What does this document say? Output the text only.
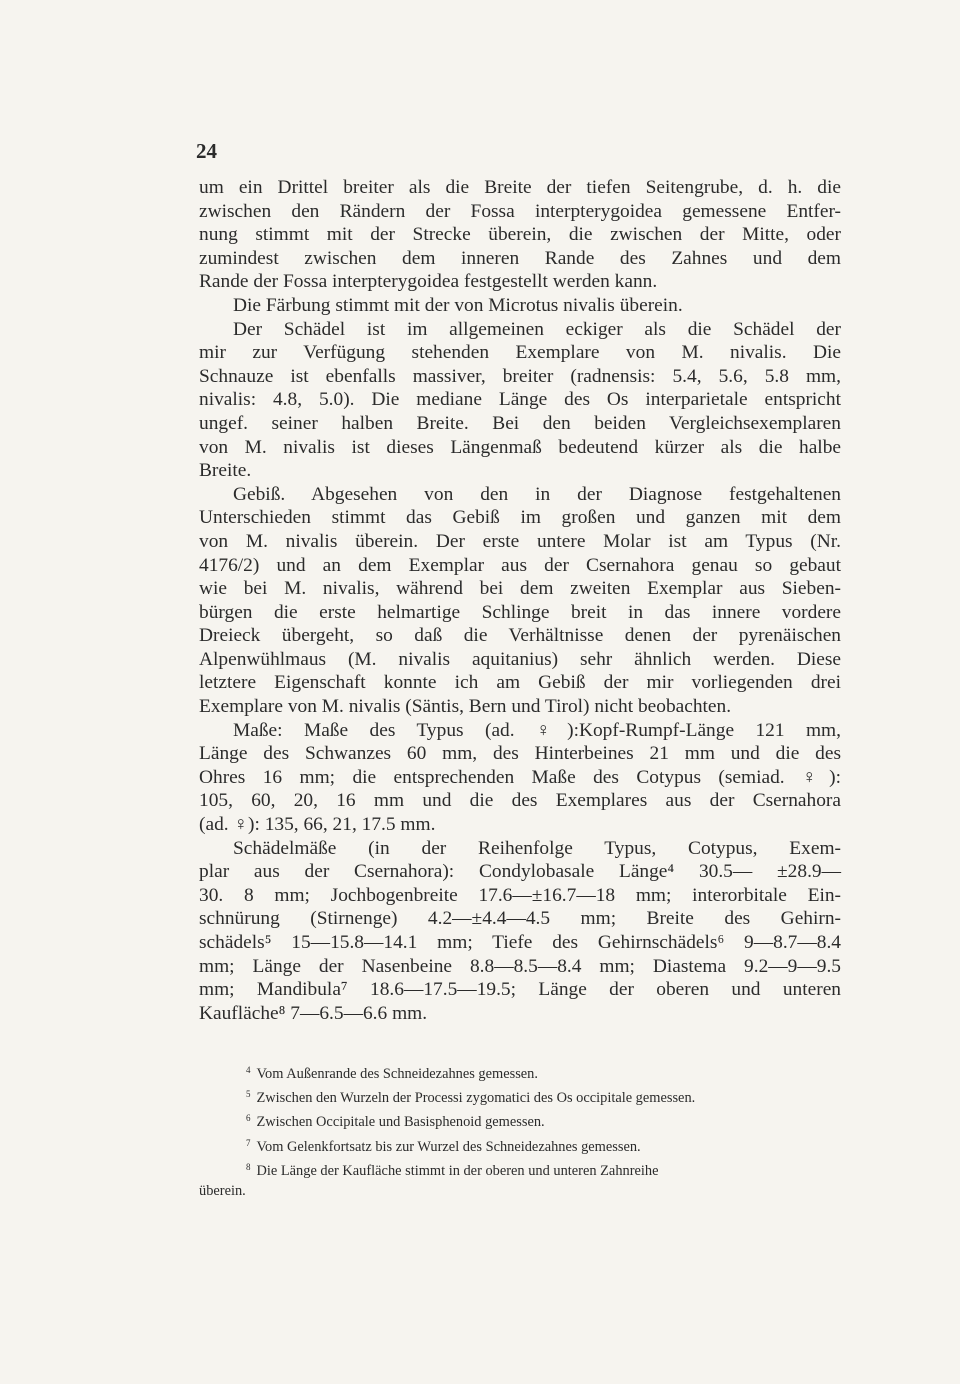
24
um ein Drittel breiter als die Breite der tiefen Seitengrube, d. h. die
zwischen den Rändern der Fossa interpterygoidea gemessene Entfer-
nung stimmt mit der Strecke überein, die zwischen der Mitte, oder
zumindest zwischen dem inneren Rande des Zahnes und dem
Rande der Fossa interpterygoidea festgestellt werden kann.
Die Färbung stimmt mit der von Microtus nivalis überein.
Der Schädel ist im allgemeinen eckiger als die Schädel der
mir zur Verfügung stehenden Exemplare von M. nivalis. Die
Schnauze ist ebenfalls massiver, breiter (radnensis: 5.4, 5.6, 5.8 mm,
nivalis: 4.8, 5.0). Die mediane Länge des Os interparietale entspricht
ungef. seiner halben Breite. Bei den beiden Vergleichsexemplaren
von M. nivalis ist dieses Längenmaß bedeutend kürzer als die halbe
Breite.
Gebiß. Abgesehen von den in der Diagnose festgehaltenen
Unterschieden stimmt das Gebiß im großen und ganzen mit dem
von M. nivalis überein. Der erste untere Molar ist am Typus (Nr.
4176/2) und an dem Exemplar aus der Csernahora genau so gebaut
wie bei M. nivalis, während bei dem zweiten Exemplar aus Sieben-
bürgen die erste helmartige Schlinge breit in das innere vordere
Dreieck übergeht, so daß die Verhältnisse denen der pyrenäischen
Alpenwühlmaus (M. nivalis aquitanius) sehr ähnlich werden. Diese
letztere Eigenschaft konnte ich am Gebiß der mir vorliegenden drei
Exemplare von M. nivalis (Säntis, Bern und Tirol) nicht beobachten.
Maße: Maße des Typus (ad. ♀):Kopf-Rumpf-Länge 121 mm,
Länge des Schwanzes 60 mm, des Hinterbeines 21 mm und die des
Ohres 16 mm; die entsprechenden Maße des Cotypus (semiad. ♀):
105, 60, 20, 16 mm und die des Exemplares aus der Csernahora
(ad. ♀): 135, 66, 21, 17.5 mm.
Schädelmäße (in der Reihenfolge Typus, Cotypus, Exem-
plar aus der Csernahora): Condylobasale Länge⁴ 30.5— ±28.9—
30. 8 mm; Jochbogenbreite 17.6—±16.7—18 mm; interorbitale Ein-
schnürung (Stirnenge) 4.2—±4.4—4.5 mm; Breite des Gehirn-
schädels⁵ 15—15.8—14.1 mm; Tiefe des Gehirnschädels⁶ 9—8.7—8.4
mm; Länge der Nasenbeine 8.8—8.5—8.4 mm; Diastema 9.2—9—9.5
mm; Mandibula⁷ 18.6—17.5—19.5; Länge der oberen und unteren
Kaufläche⁸ 7—6.5—6.6 mm.
$^4$ Vom Außenrande des Schneidezahnes gemessen.
$^5$ Zwischen den Wurzeln der Processi zygomatici des Os occipitale gemessen.
$^6$ Zwischen Occipitale und Basisphenoid gemessen.
$^7$ Vom Gelenkfortsatz bis zur Wurzel des Schneidezahnes gemessen.
$^8$ Die Länge der Kaufläche stimmt in der oberen und unteren Zahnreihe
überein.
